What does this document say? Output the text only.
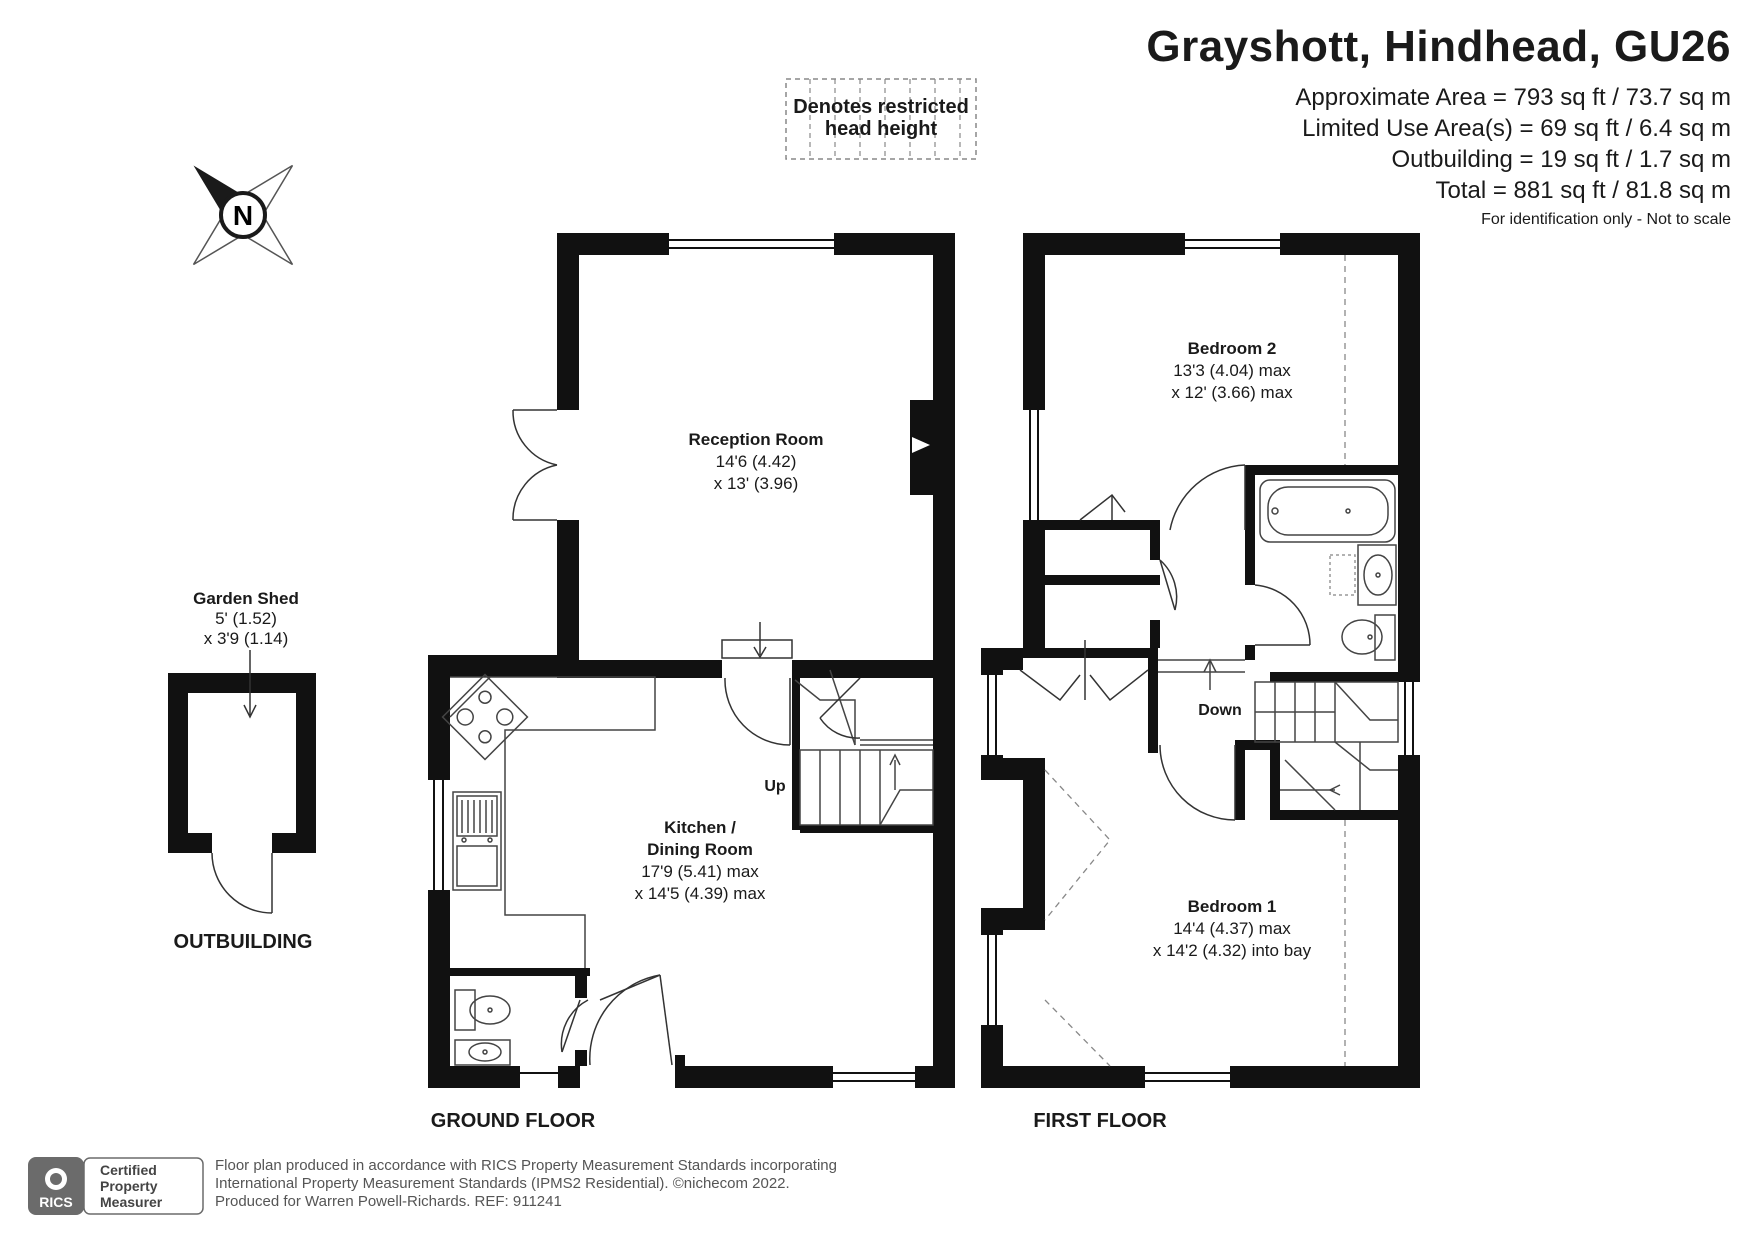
Grayshott, Hindhead, GU26
Approximate Area = 793 sq ft / 73.7 sq m
Limited Use Area(s) = 69 sq ft / 6.4 sq m
Outbuilding = 19 sq ft / 1.7 sq m
Total = 881 sq ft / 81.8 sq m
For identification only - Not to scale
Denotes restricted
head height
N
Reception Room
14'6 (4.42)
x 13' (3.96)
Kitchen /
Dining Room
17'9 (5.41) max
x 14'5 (4.39) max
Up
Garden Shed
5' (1.52)
x 3'9 (1.14)
Bedroom 2
13'3 (4.04) max
x 12' (3.66) max
Down
Bedroom 1
14'4 (4.37) max
x 14'2 (4.32) into bay
GROUND FLOOR	FIRST FLOOR
OUTBUILDING
RICS
Certified
Property
Measurer
Floor plan produced in accordance with RICS Property Measurement Standards incorporating
International Property Measurement Standards (IPMS2 Residential). ©nichecom 2022.
Produced for Warren Powell-Richards. REF: 911241
